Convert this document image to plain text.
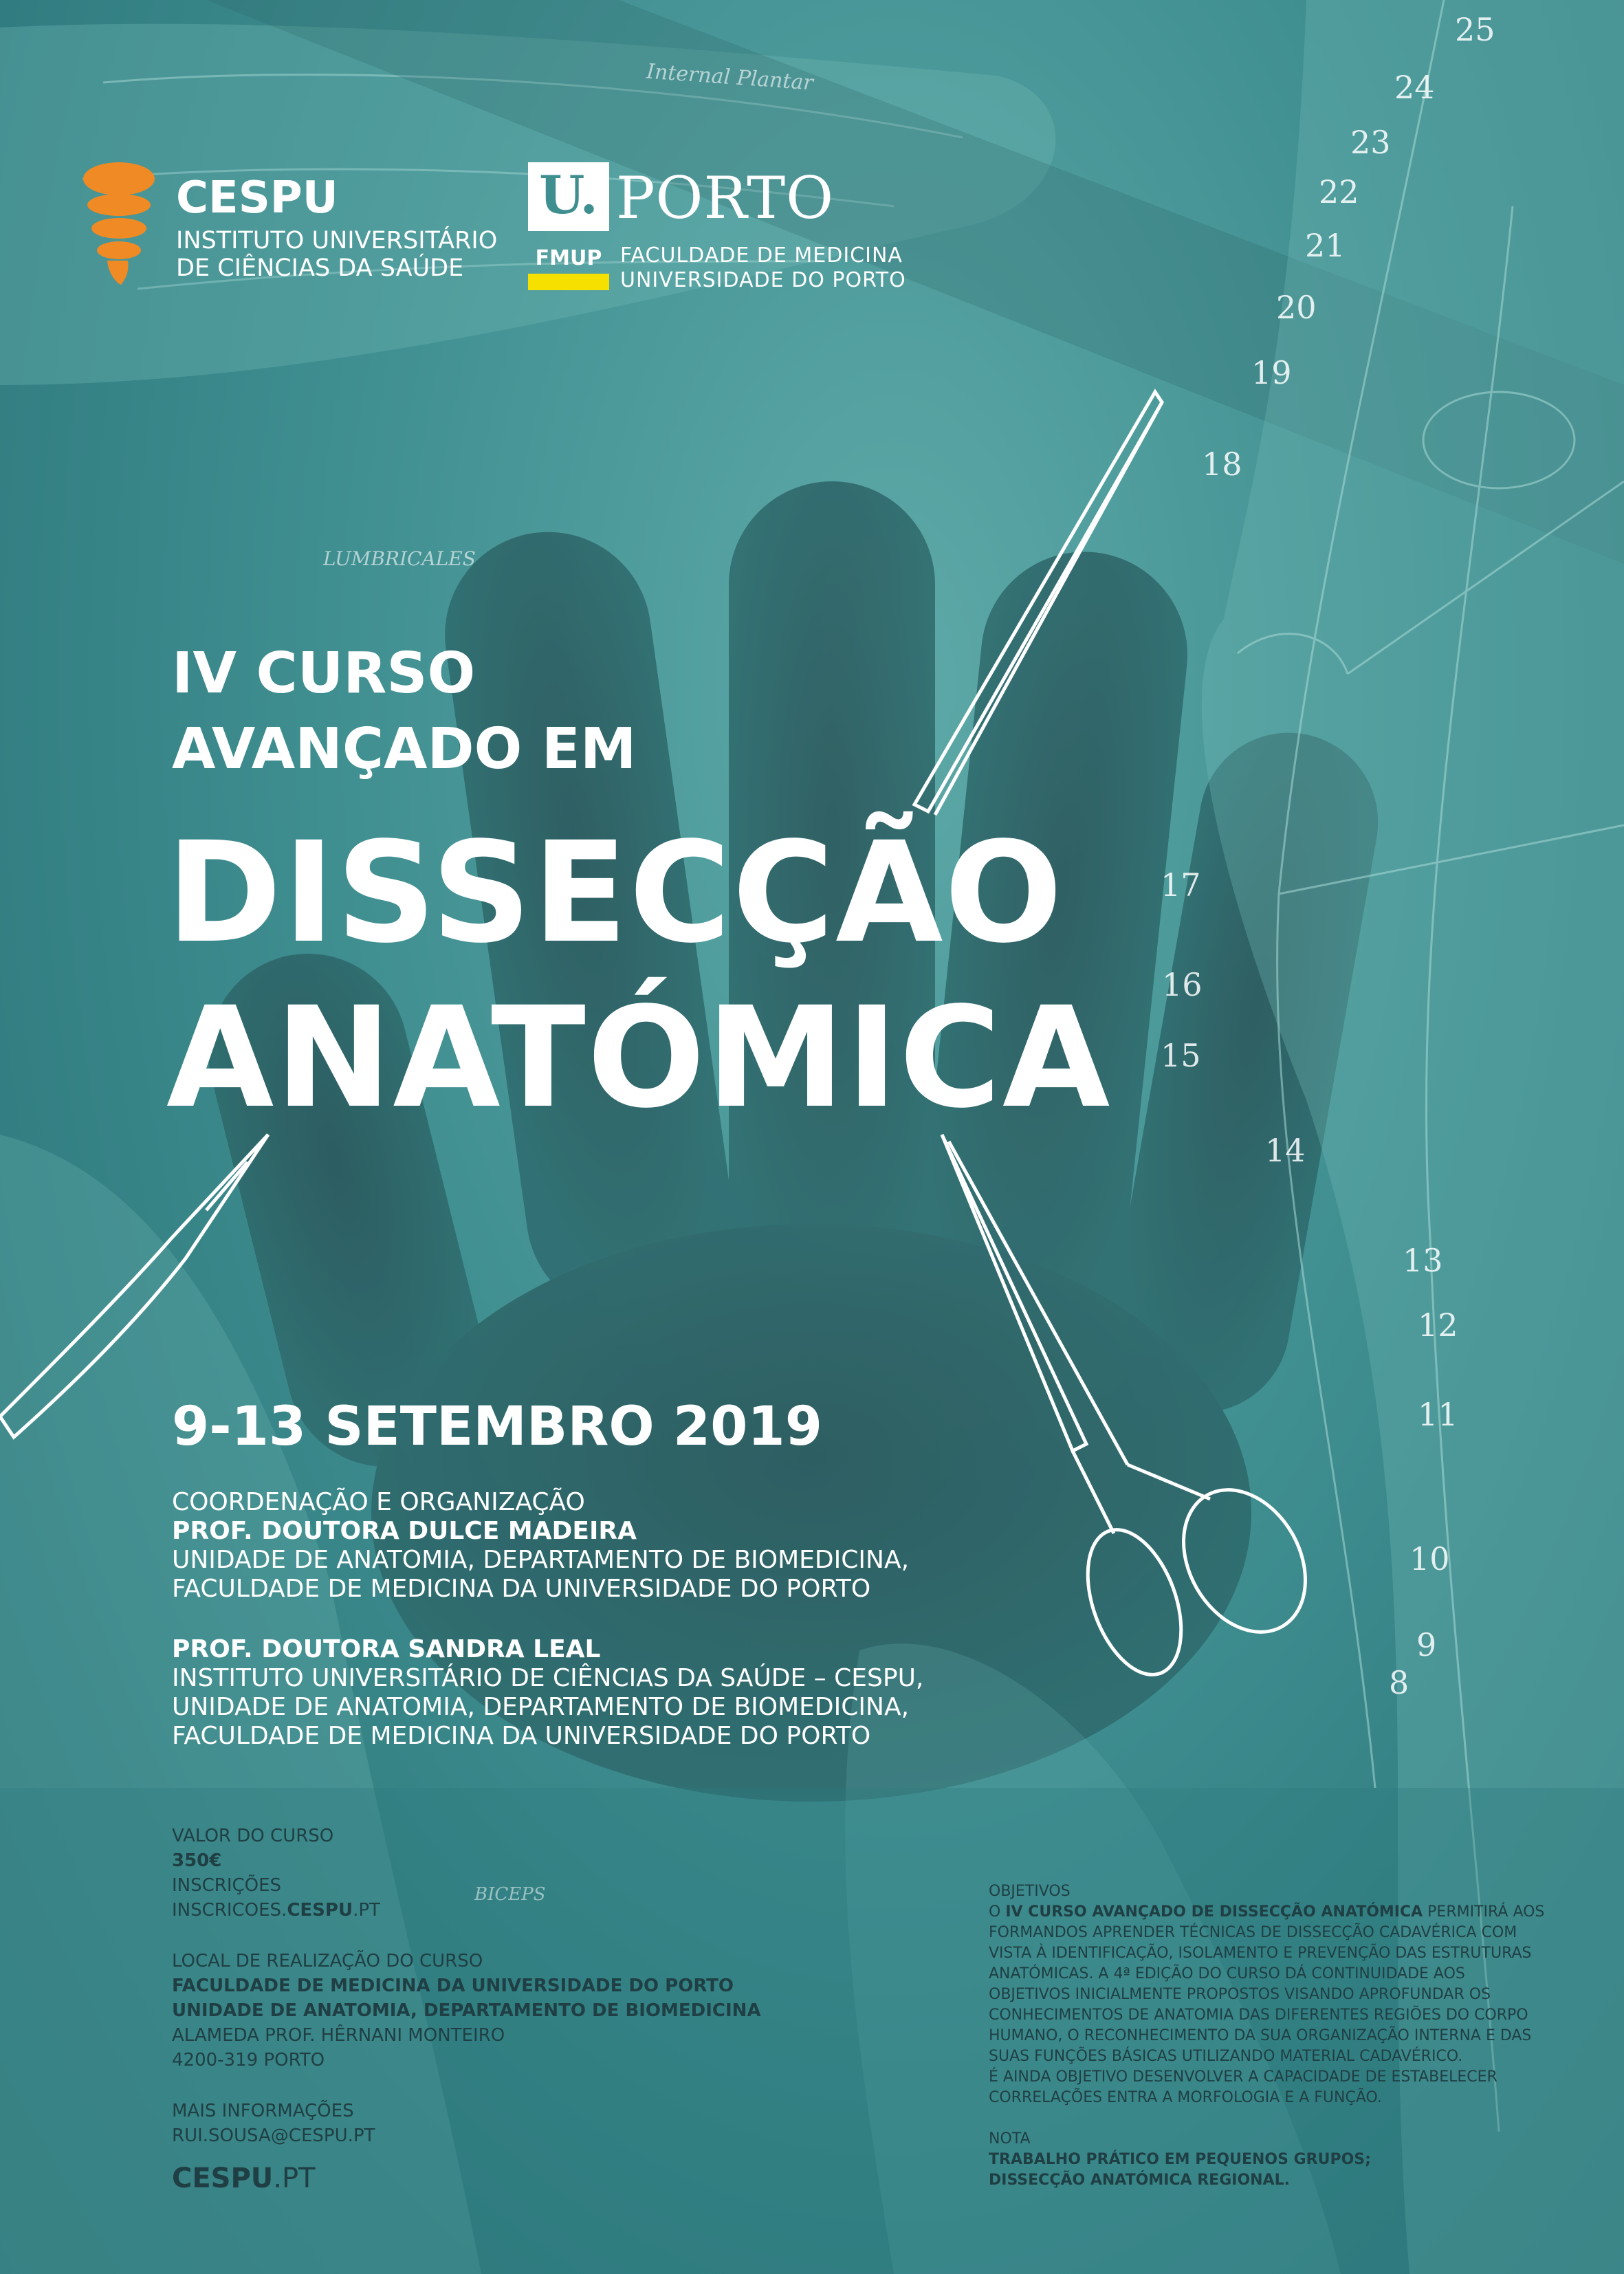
25
24
23
22
21
20
19
18
17
16
15
14
13
12
11
10
9
8
Internal Plantar
LUMBRICALES
BICEPS
CESPU
INSTITUTO UNIVERSITÁRIO
DE CIÊNCIAS DA SAÚDE
U. PORTO
FMUP FACULDADE DE MEDICINA
UNIVERSIDADE DO PORTO
IV CURSO
AVANÇADO EM
DISSECÇÃO
ANATÓMICA
9-13 SETEMBRO 2019
COORDENAÇÃO E ORGANIZAÇÃO
PROF. DOUTORA DULCE MADEIRA
UNIDADE DE ANATOMIA, DEPARTAMENTO DE BIOMEDICINA,
FACULDADE DE MEDICINA DA UNIVERSIDADE DO PORTO
PROF. DOUTORA SANDRA LEAL
INSTITUTO UNIVERSITÁRIO DE CIÊNCIAS DA SAÚDE – CESPU,
UNIDADE DE ANATOMIA, DEPARTAMENTO DE BIOMEDICINA,
FACULDADE DE MEDICINA DA UNIVERSIDADE DO PORTO
VALOR DO CURSO
350€
INSCRIÇÕES
INSCRICOES.CESPU.PT
LOCAL DE REALIZAÇÃO DO CURSO
FACULDADE DE MEDICINA DA UNIVERSIDADE DO PORTO
UNIDADE DE ANATOMIA, DEPARTAMENTO DE BIOMEDICINA
ALAMEDA PROF. HÊRNANI MONTEIRO
4200-319 PORTO
MAIS INFORMAÇÕES
RUI.SOUSA@CESPU.PT
CESPU.PT
OBJETIVOS
O IV CURSO AVANÇADO DE DISSECÇÃO ANATÓMICA PERMITIRÁ AOS
FORMANDOS APRENDER TÉCNICAS DE DISSECÇÃO CADAVÉRICA COM
VISTA À IDENTIFICAÇÃO, ISOLAMENTO E PREVENÇÃO DAS ESTRUTURAS
ANATÓMICAS. A 4ª EDIÇÃO DO CURSO DÁ CONTINUIDADE AOS
OBJETIVOS INICIALMENTE PROPOSTOS VISANDO APROFUNDAR OS
CONHECIMENTOS DE ANATOMIA DAS DIFERENTES REGIÕES DO CORPO
HUMANO, O RECONHECIMENTO DA SUA ORGANIZAÇÃO INTERNA E DAS
SUAS FUNÇÕES BÁSICAS UTILIZANDO MATERIAL CADAVÉRICO.
É AINDA OBJETIVO DESENVOLVER A CAPACIDADE DE ESTABELECER
CORRELAÇÕES ENTRA A MORFOLOGIA E A FUNÇÃO.
NOTA
TRABALHO PRÁTICO EM PEQUENOS GRUPOS;
DISSECÇÃO ANATÓMICA REGIONAL.
